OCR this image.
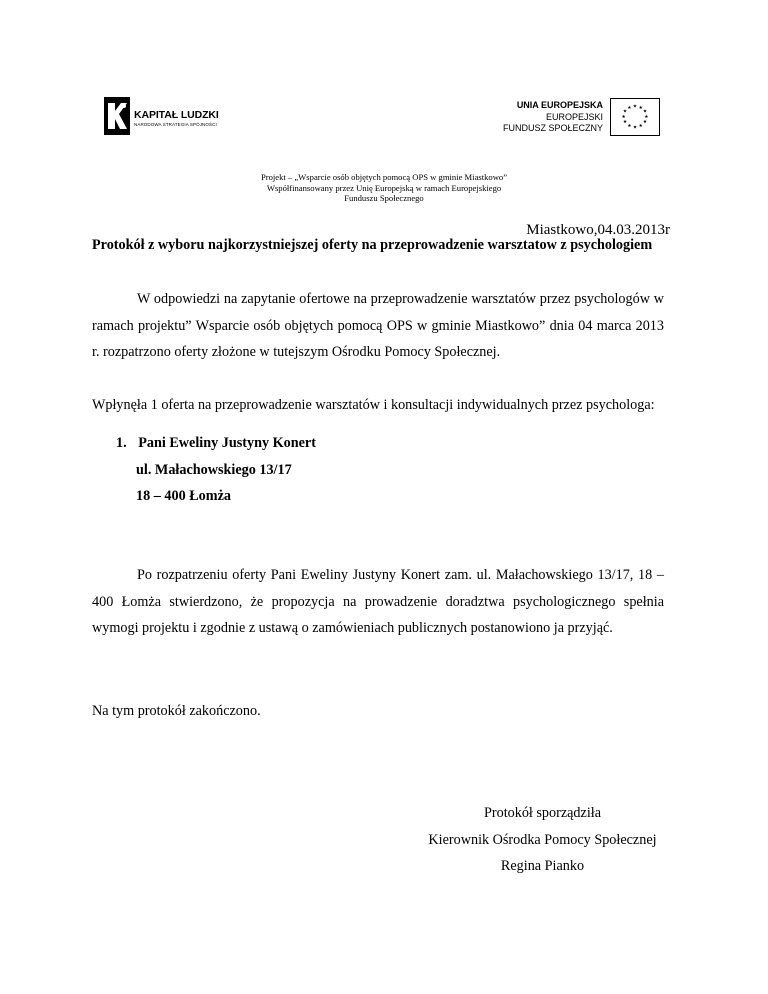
KAPITAŁ LUDZKI
NARODOWA STRATEGIA SPÓJNOŚCI
UNIA EUROPEJSKA
EUROPEJSKI
FUNDUSZ SPOŁECZNY
★ ★
★
★
★
★
★
★
★
★
★
★
Projekt – „Wsparcie osób objętych pomocą OPS w gminie Miastkowo”
Współfinansowany przez Unię Europejską w ramach Europejskiego
Funduszu Społecznego
Miastkowo,04.03.2013r
Protokół z wyboru najkorzystniejszej oferty na przeprowadzenie warsztatow z psychologiem
W odpowiedzi na zapytanie ofertowe na przeprowadzenie warsztatów przez psychologów w ramach projektu” Wsparcie osób objętych pomocą OPS w gminie Miastkowo” dnia 04 marca 2013 r. rozpatrzono oferty złożone w tutejszym Ośrodku Pomocy Społecznej.
Wpłynęła 1 oferta na przeprowadzenie warsztatów i konsultacji indywidualnych przez psychologa:
1. Pani Eweliny Justyny Konert
ul. Małachowskiego 13/17
18 – 400 Łomża
Po rozpatrzeniu oferty Pani Eweliny Justyny Konert zam. ul. Małachowskiego 13/17, 18 – 400 Łomża stwierdzono, że propozycja na prowadzenie doradztwa psychologicznego spełnia wymogi projektu i zgodnie z ustawą o zamówieniach publicznych postanowiono ja przyjąć.
Na tym protokół zakończono.
Protokół sporządziła
Kierownik Ośrodka Pomocy Społecznej
Regina Pianko
